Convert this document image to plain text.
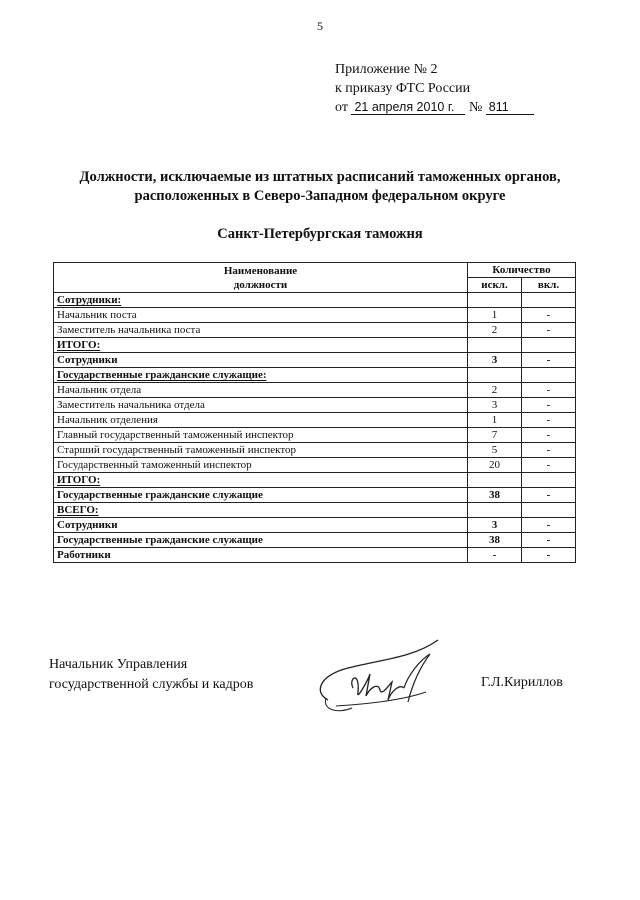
5
Приложение № 2
к приказу ФТС России
от 21 апреля 2010 г. № 811
Должности, исключаемые из штатных расписаний таможенных органов,
расположенных в Северо-Западном федеральном округе
Санкт-Петербургская таможня
Наименование
должности	Количество	
	искл.	вкл.
Сотрудники:		
Начальник поста	1	-
Заместитель начальника поста	2	-
ИТОГО:		
Сотрудники	3	-
Государственные гражданские служащие:		
Начальник отдела	2	-
Заместитель начальника отдела	3	-
Начальник отделения	1	-
Главный государственный таможенный инспектор	7	-
Старший государственный таможенный инспектор	5	-
Государственный таможенный инспектор	20	-
ИТОГО:		
Государственные гражданские служащие	38	-
ВСЕГО:		
Сотрудники	3	-
Государственные гражданские служащие	38	-
Работники	-	-
Начальник Управления
государственной службы и кадров	Г.Л.Кириллов
